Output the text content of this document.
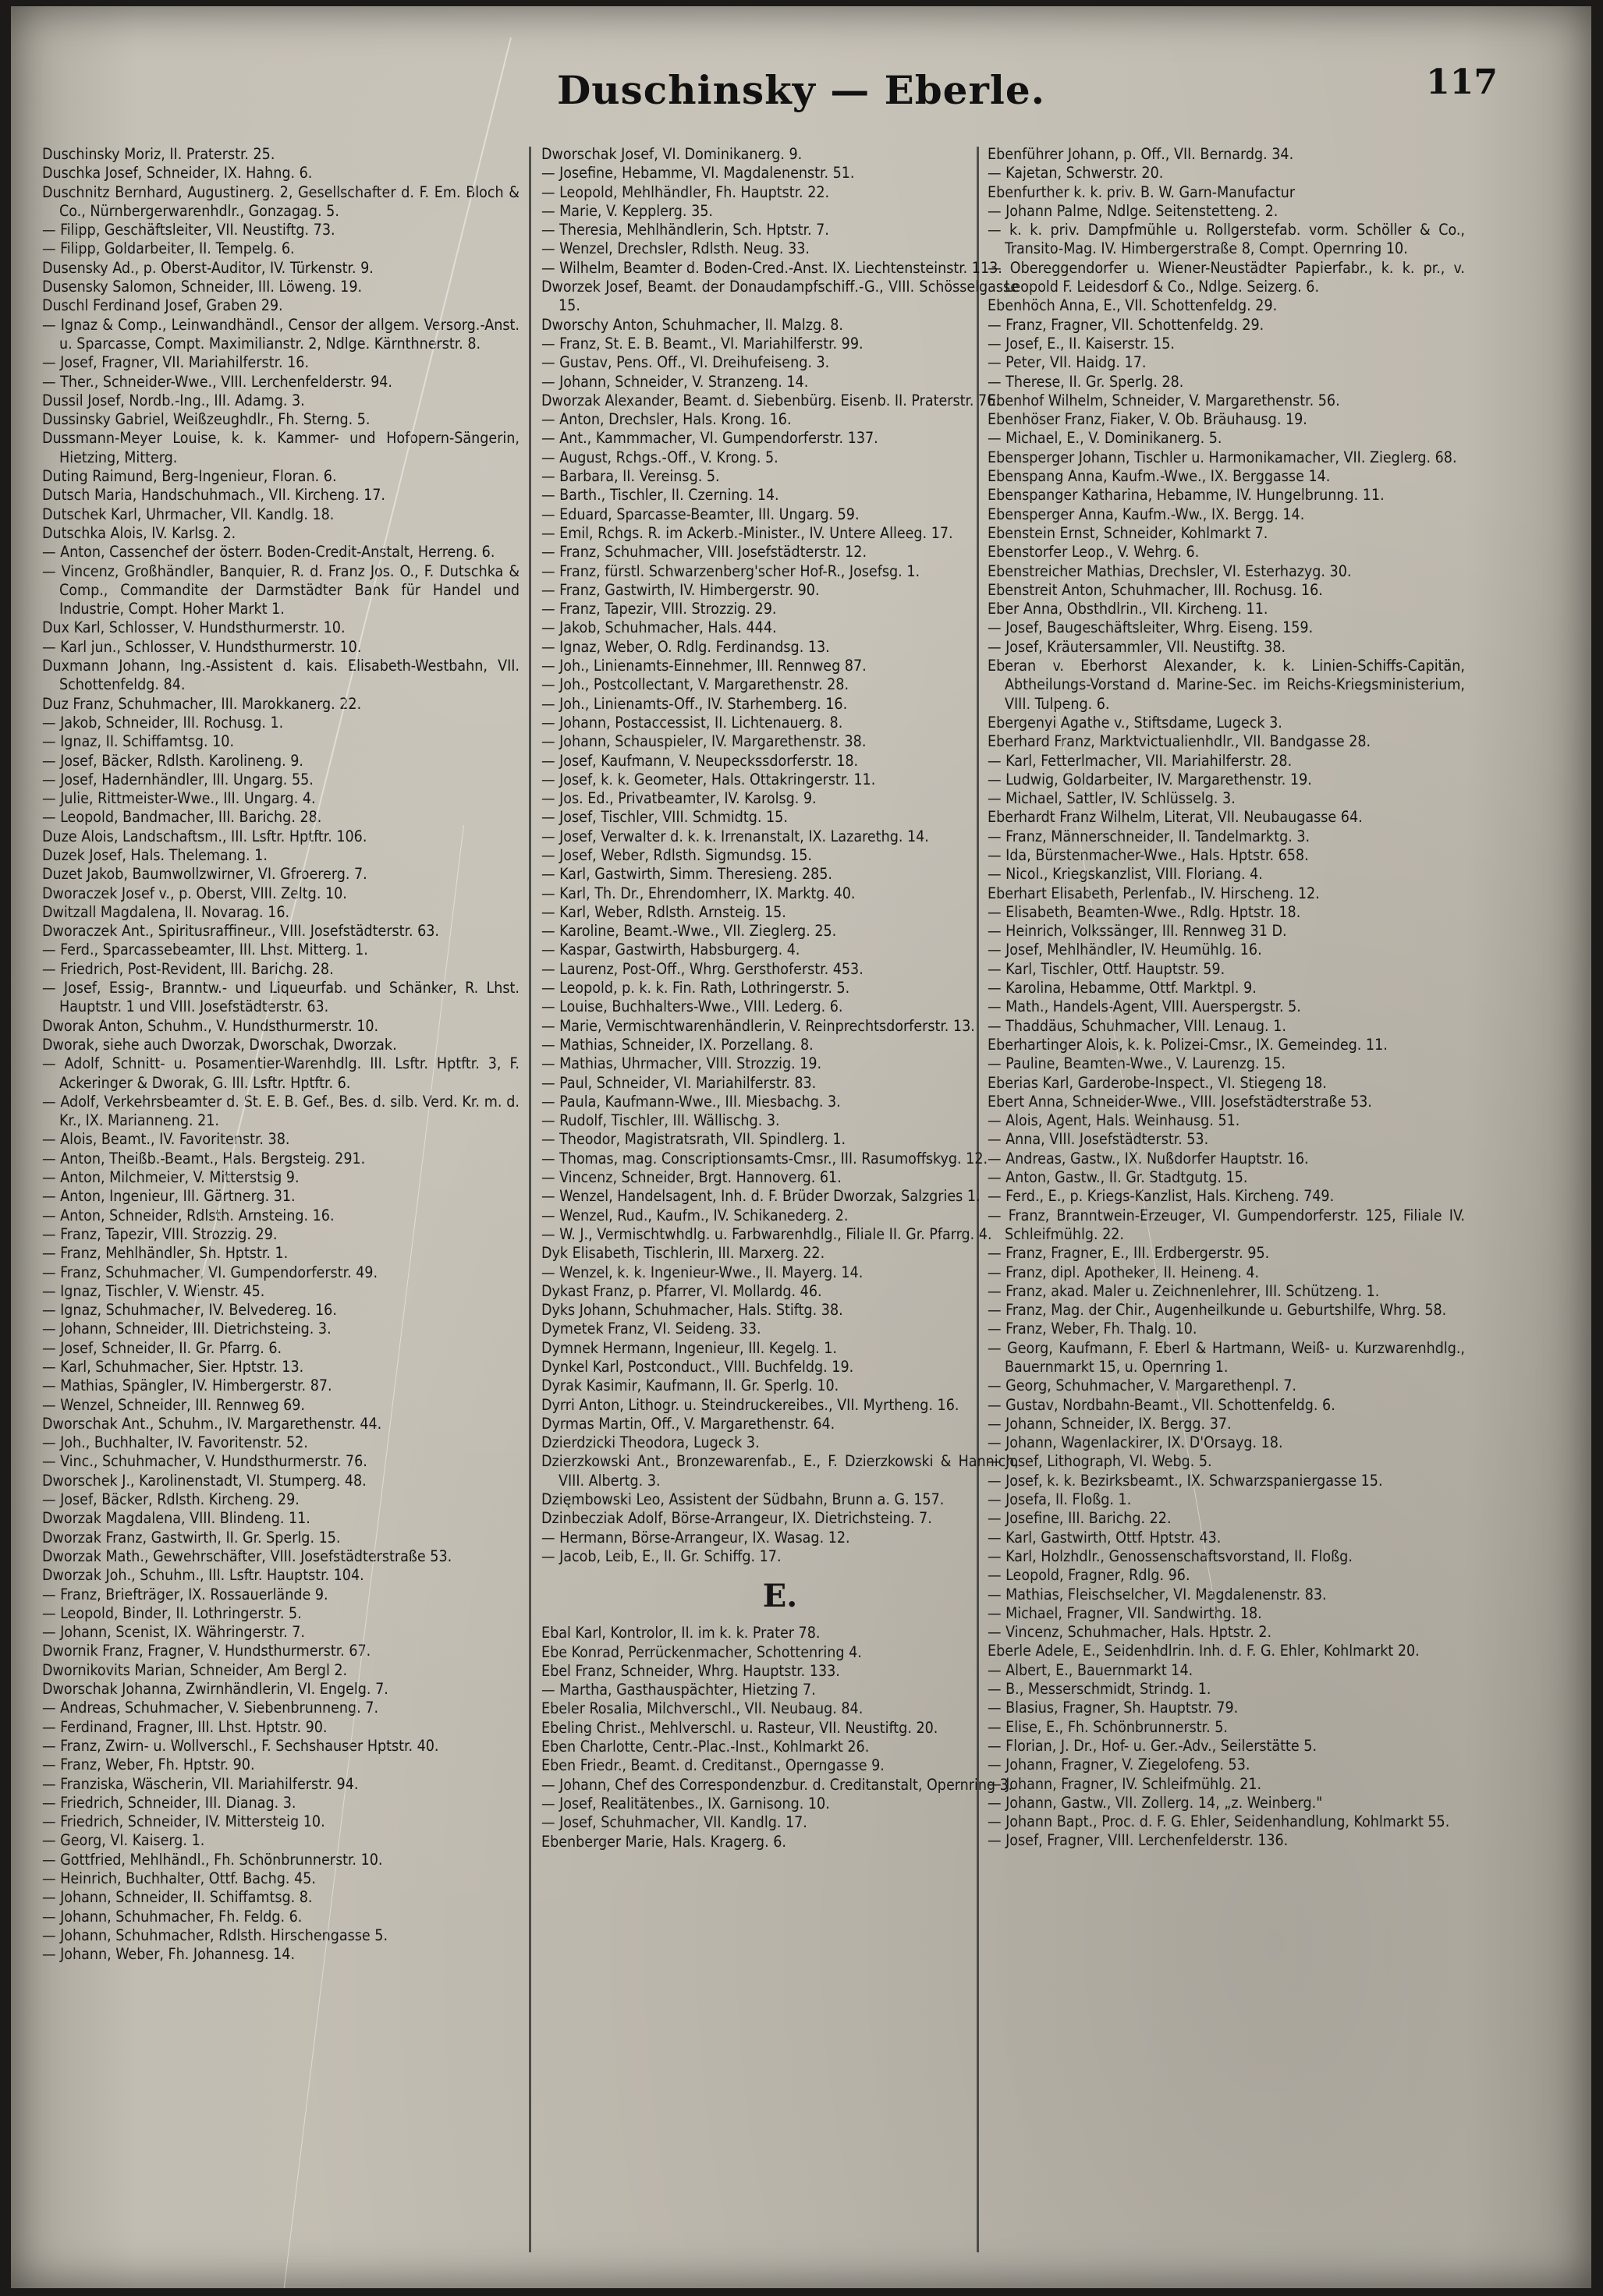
Duschinsky — Eberle.	117
Duschinsky Moriz, II. Praterstr. 25.
Duschka Josef, Schneider, IX. Hahng. 6.
Duschnitz Bernhard, Augustinerg. 2, Gesellschafter d. F. Em. Bloch & Co., Nürnbergerwarenhdlr., Gonzagag. 5.
— Filipp, Geschäftsleiter, VII. Neustiftg. 73.
— Filipp, Goldarbeiter, II. Tempelg. 6.
Dusensky Ad., p. Oberst-Auditor, IV. Türkenstr. 9.
Dusensky Salomon, Schneider, III. Löweng. 19.
Duschl Ferdinand Josef, Graben 29.
— Ignaz & Comp., Leinwandhändl., Censor der allgem. Versorg.-Anst. u. Sparcasse, Compt. Maximilianstr. 2, Ndlge. Kärnthnerstr. 8.
— Josef, Fragner, VII. Mariahilferstr. 16.
— Ther., Schneider-Wwe., VIII. Lerchenfelderstr. 94.
Dussil Josef, Nordb.-Ing., III. Adamg. 3.
Dussinsky Gabriel, Weißzeughdlr., Fh. Sterng. 5.
Dussmann-Meyer Louise, k. k. Kammer- und Hofopern-Sängerin, Hietzing, Mitterg.
Duting Raimund, Berg-Ingenieur, Floran. 6.
Dutsch Maria, Handschuhmach., VII. Kircheng. 17.
Dutschek Karl, Uhrmacher, VII. Kandlg. 18.
Dutschka Alois, IV. Karlsg. 2.
— Anton, Cassenchef der österr. Boden-Credit-Anstalt, Herreng. 6.
— Vincenz, Großhändler, Banquier, R. d. Franz Jos. O., F. Dutschka & Comp., Commandite der Darmstädter Bank für Handel und Industrie, Compt. Hoher Markt 1.
Dux Karl, Schlosser, V. Hundsthurmerstr. 10.
— Karl jun., Schlosser, V. Hundsthurmerstr. 10.
Duxmann Johann, Ing.-Assistent d. kais. Elisabeth-Westbahn, VII. Schottenfeldg. 84.
Duz Franz, Schuhmacher, III. Marokkanerg. 22.
— Jakob, Schneider, III. Rochusg. 1.
— Ignaz, II. Schiffamtsg. 10.
— Josef, Bäcker, Rdlsth. Karolineng. 9.
— Josef, Hadernhändler, III. Ungarg. 55.
— Julie, Rittmeister-Wwe., III. Ungarg. 4.
— Leopold, Bandmacher, III. Barichg. 28.
Duze Alois, Landschaftsm., III. Lsftr. Hptftr. 106.
Duzek Josef, Hals. Thelemang. 1.
Duzet Jakob, Baumwollzwirner, VI. Gfroererg. 7.
Dworaczek Josef v., p. Oberst, VIII. Zeltg. 10.
Dwitzall Magdalena, II. Novarag. 16.
Dworaczek Ant., Spiritusraffineur., VIII. Josefstädterstr. 63.
— Ferd., Sparcassebeamter, III. Lhst. Mitterg. 1.
— Friedrich, Post-Revident, III. Barichg. 28.
— Josef, Essig-, Branntw.- und Liqueurfab. und Schänker, R. Lhst. Hauptstr. 1 und VIII. Josefstädterstr. 63.
Dworak Anton, Schuhm., V. Hundsthurmerstr. 10.
Dworak, siehe auch Dworzak, Dworschak, Dworzak.
— Adolf, Schnitt- u. Posamentier-Warenhdlg. III. Lsftr. Hptftr. 3, F. Ackeringer & Dworak, G. III. Lsftr. Hptftr. 6.
— Adolf, Verkehrsbeamter d. St. E. B. Gef., Bes. d. silb. Verd. Kr. m. d. Kr., IX. Marianneng. 21.
— Alois, Beamt., IV. Favoritenstr. 38.
— Anton, Theißb.-Beamt., Hals. Bergsteig. 291.
— Anton, Milchmeier, V. Mitterstsig 9.
— Anton, Ingenieur, III. Gärtnerg. 31.
— Anton, Schneider, Rdlsth. Arnsteing. 16.
— Franz, Tapezir, VIII. Strozzig. 29.
— Franz, Mehlhändler, Sh. Hptstr. 1.
— Franz, Schuhmacher, VI. Gumpendorferstr. 49.
— Ignaz, Tischler, V. Wienstr. 45.
— Ignaz, Schuhmacher, IV. Belvedereg. 16.
— Johann, Schneider, III. Dietrichsteing. 3.
— Josef, Schneider, II. Gr. Pfarrg. 6.
— Karl, Schuhmacher, Sier. Hptstr. 13.
— Mathias, Spängler, IV. Himbergerstr. 87.
— Wenzel, Schneider, III. Rennweg 69.
Dworschak Ant., Schuhm., IV. Margarethenstr. 44.
— Joh., Buchhalter, IV. Favoritenstr. 52.
— Vinc., Schuhmacher, V. Hundsthurmerstr. 76.
Dworschek J., Karolinenstadt, VI. Stumperg. 48.
— Josef, Bäcker, Rdlsth. Kircheng. 29.
Dworzak Magdalena, VIII. Blindeng. 11.
Dworzak Franz, Gastwirth, II. Gr. Sperlg. 15.
Dworzak Math., Gewehrschäfter, VIII. Josefstädterstraße 53.
Dworzak Joh., Schuhm., III. Lsftr. Hauptstr. 104.
— Franz, Briefträger, IX. Rossauerlände 9.
— Leopold, Binder, II. Lothringerstr. 5.
— Johann, Scenist, IX. Währingerstr. 7.
Dwornik Franz, Fragner, V. Hundsthurmerstr. 67.
Dwornikovits Marian, Schneider, Am Bergl 2.
Dworschak Johanna, Zwirnhändlerin, VI. Engelg. 7.
— Andreas, Schuhmacher, V. Siebenbrunneng. 7.
— Ferdinand, Fragner, III. Lhst. Hptstr. 90.
— Franz, Zwirn- u. Wollverschl., F. Sechshauser Hptstr. 40.
— Franz, Weber, Fh. Hptstr. 90.
— Franziska, Wäscherin, VII. Mariahilferstr. 94.
— Friedrich, Schneider, III. Dianag. 3.
— Friedrich, Schneider, IV. Mittersteig 10.
— Georg, VI. Kaiserg. 1.
— Gottfried, Mehlhändl., Fh. Schönbrunnerstr. 10.
— Heinrich, Buchhalter, Ottf. Bachg. 45.
— Johann, Schneider, II. Schiffamtsg. 8.
— Johann, Schuhmacher, Fh. Feldg. 6.
— Johann, Schuhmacher, Rdlsth. Hirschengasse 5.
— Johann, Weber, Fh. Johannesg. 14.
Dworschak Josef, VI. Dominikanerg. 9.
— Josefine, Hebamme, VI. Magdalenenstr. 51.
— Leopold, Mehlhändler, Fh. Hauptstr. 22.
— Marie, V. Kepplerg. 35.
— Theresia, Mehlhändlerin, Sch. Hptstr. 7.
— Wenzel, Drechsler, Rdlsth. Neug. 33.
— Wilhelm, Beamter d. Boden-Cred.-Anst. IX. Liechtensteinstr. 113.
Dworzek Josef, Beamt. der Donaudampfschiff.-G., VIII. Schösselgasse 15.
Dworschy Anton, Schuhmacher, II. Malzg. 8.
— Franz, St. E. B. Beamt., VI. Mariahilferstr. 99.
— Gustav, Pens. Off., VI. Dreihufeiseng. 3.
— Johann, Schneider, V. Stranzeng. 14.
Dworzak Alexander, Beamt. d. Siebenbürg. Eisenb. II. Praterstr. 76.
— Anton, Drechsler, Hals. Krong. 16.
— Ant., Kammmacher, VI. Gumpendorferstr. 137.
— August, Rchgs.-Off., V. Krong. 5.
— Barbara, II. Vereinsg. 5.
— Barth., Tischler, II. Czerning. 14.
— Eduard, Sparcasse-Beamter, III. Ungarg. 59.
— Emil, Rchgs. R. im Ackerb.-Minister., IV. Untere Alleeg. 17.
— Franz, Schuhmacher, VIII. Josefstädterstr. 12.
— Franz, fürstl. Schwarzenberg'scher Hof-R., Josefsg. 1.
— Franz, Gastwirth, IV. Himbergerstr. 90.
— Franz, Tapezir, VIII. Strozzig. 29.
— Jakob, Schuhmacher, Hals. 444.
— Ignaz, Weber, O. Rdlg. Ferdinandsg. 13.
— Joh., Linienamts-Einnehmer, III. Rennweg 87.
— Joh., Postcollectant, V. Margarethenstr. 28.
— Joh., Linienamts-Off., IV. Starhemberg. 16.
— Johann, Postaccessist, II. Lichtenauerg. 8.
— Johann, Schauspieler, IV. Margarethenstr. 38.
— Josef, Kaufmann, V. Neupeckssdorferstr. 18.
— Josef, k. k. Geometer, Hals. Ottakringerstr. 11.
— Jos. Ed., Privatbeamter, IV. Karolsg. 9.
— Josef, Tischler, VIII. Schmidtg. 15.
— Josef, Verwalter d. k. k. Irrenanstalt, IX. Lazarethg. 14.
— Josef, Weber, Rdlsth. Sigmundsg. 15.
— Karl, Gastwirth, Simm. Theresieng. 285.
— Karl, Th. Dr., Ehrendomherr, IX. Marktg. 40.
— Karl, Weber, Rdlsth. Arnsteig. 15.
— Karoline, Beamt.-Wwe., VII. Zieglerg. 25.
— Kaspar, Gastwirth, Habsburgerg. 4.
— Laurenz, Post-Off., Whrg. Gersthoferstr. 453.
— Leopold, p. k. k. Fin. Rath, Lothringerstr. 5.
— Louise, Buchhalters-Wwe., VIII. Lederg. 6.
— Marie, Vermischtwarenhändlerin, V. Reinprechtsdorferstr. 13.
— Mathias, Schneider, IX. Porzellang. 8.
— Mathias, Uhrmacher, VIII. Strozzig. 19.
— Paul, Schneider, VI. Mariahilferstr. 83.
— Paula, Kaufmann-Wwe., III. Miesbachg. 3.
— Rudolf, Tischler, III. Wällischg. 3.
— Theodor, Magistratsrath, VII. Spindlerg. 1.
— Thomas, mag. Conscriptionsamts-Cmsr., III. Rasumoffskyg. 12.
— Vincenz, Schneider, Brgt. Hannoverg. 61.
— Wenzel, Handelsagent, Inh. d. F. Brüder Dworzak, Salzgries 1.
— Wenzel, Rud., Kaufm., IV. Schikanederg. 2.
— W. J., Vermischtwhdlg. u. Farbwarenhdlg., Filiale II. Gr. Pfarrg. 4.
Dyk Elisabeth, Tischlerin, III. Marxerg. 22.
— Wenzel, k. k. Ingenieur-Wwe., II. Mayerg. 14.
Dykast Franz, p. Pfarrer, VI. Mollardg. 46.
Dyks Johann, Schuhmacher, Hals. Stiftg. 38.
Dymetek Franz, VI. Seideng. 33.
Dymnek Hermann, Ingenieur, III. Kegelg. 1.
Dynkel Karl, Postconduct., VIII. Buchfeldg. 19.
Dyrak Kasimir, Kaufmann, II. Gr. Sperlg. 10.
Dyrri Anton, Lithogr. u. Steindruckereibes., VII. Myrtheng. 16.
Dyrmas Martin, Off., V. Margarethenstr. 64.
Dzierdzicki Theodora, Lugeck 3.
Dzierzkowski Ant., Bronzewarenfab., E., F. Dzierzkowski & Hannich, VIII. Albertg. 3.
Dzięmbowski Leo, Assistent der Südbahn, Brunn a. G. 157.
Dzinbecziak Adolf, Börse-Arrangeur, IX. Dietrichsteing. 7.
— Hermann, Börse-Arrangeur, IX. Wasag. 12.
— Jacob, Leib, E., II. Gr. Schiffg. 17.
E.
Ebal Karl, Kontrolor, II. im k. k. Prater 78.
Ebe Konrad, Perrückenmacher, Schottenring 4.
Ebel Franz, Schneider, Whrg. Hauptstr. 133.
— Martha, Gasthauspächter, Hietzing 7.
Ebeler Rosalia, Milchverschl., VII. Neubaug. 84.
Ebeling Christ., Mehlverschl. u. Rasteur, VII. Neustiftg. 20.
Eben Charlotte, Centr.-Plac.-Inst., Kohlmarkt 26.
Eben Friedr., Beamt. d. Creditanst., Operngasse 9.
— Johann, Chef des Correspondenzbur. d. Creditanstalt, Opernring 3.
— Josef, Realitätenbes., IX. Garnisong. 10.
— Josef, Schuhmacher, VII. Kandlg. 17.
Ebenberger Marie, Hals. Kragerg. 6.
Ebenführer Johann, p. Off., VII. Bernardg. 34.
— Kajetan, Schwerstr. 20.
Ebenfurther k. k. priv. B. W. Garn-Manufactur
— Johann Palme, Ndlge. Seitenstetteng. 2.
— k. k. priv. Dampfmühle u. Rollgerstefab. vorm. Schöller & Co., Transito-Mag. IV. Himbergerstraße 8, Compt. Opernring 10.
— Obereggendorfer u. Wiener-Neustädter Papierfabr., k. k. pr., v. Leopold F. Leidesdorf & Co., Ndlge. Seizerg. 6.
Ebenhöch Anna, E., VII. Schottenfeldg. 29.
— Franz, Fragner, VII. Schottenfeldg. 29.
— Josef, E., II. Kaiserstr. 15.
— Peter, VII. Haidg. 17.
— Therese, II. Gr. Sperlg. 28.
Ebenhof Wilhelm, Schneider, V. Margarethenstr. 56.
Ebenhöser Franz, Fiaker, V. Ob. Bräuhausg. 19.
— Michael, E., V. Dominikanerg. 5.
Ebensperger Johann, Tischler u. Harmonikamacher, VII. Zieglerg. 68.
Ebenspang Anna, Kaufm.-Wwe., IX. Berggasse 14.
Ebenspanger Katharina, Hebamme, IV. Hungelbrunng. 11.
Ebensperger Anna, Kaufm.-Ww., IX. Bergg. 14.
Ebenstein Ernst, Schneider, Kohlmarkt 7.
Ebenstorfer Leop., V. Wehrg. 6.
Ebenstreicher Mathias, Drechsler, VI. Esterhazyg. 30.
Ebenstreit Anton, Schuhmacher, III. Rochusg. 16.
Eber Anna, Obsthdlrin., VII. Kircheng. 11.
— Josef, Baugeschäftsleiter, Whrg. Eiseng. 159.
— Josef, Kräutersammler, VII. Neustiftg. 38.
Eberan v. Eberhorst Alexander, k. k. Linien-Schiffs-Capitän, Abtheilungs-Vorstand d. Marine-Sec. im Reichs-Kriegsministerium, VIII. Tulpeng. 6.
Ebergenyi Agathe v., Stiftsdame, Lugeck 3.
Eberhard Franz, Marktvictualienhdlr., VII. Bandgasse 28.
— Karl, Fetterlmacher, VII. Mariahilferstr. 28.
— Ludwig, Goldarbeiter, IV. Margarethenstr. 19.
— Michael, Sattler, IV. Schlüsselg. 3.
Eberhardt Franz Wilhelm, Literat, VII. Neubaugasse 64.
— Franz, Männerschneider, II. Tandelmarktg. 3.
— Ida, Bürstenmacher-Wwe., Hals. Hptstr. 658.
— Nicol., Kriegskanzlist, VIII. Floriang. 4.
Eberhart Elisabeth, Perlenfab., IV. Hirscheng. 12.
— Elisabeth, Beamten-Wwe., Rdlg. Hptstr. 18.
— Heinrich, Volkssänger, III. Rennweg 31 D.
— Josef, Mehlhändler, IV. Heumühlg. 16.
— Karl, Tischler, Ottf. Hauptstr. 59.
— Karolina, Hebamme, Ottf. Marktpl. 9.
— Math., Handels-Agent, VIII. Auerspergstr. 5.
— Thaddäus, Schuhmacher, VIII. Lenaug. 1.
Eberhartinger Alois, k. k. Polizei-Cmsr., IX. Gemeindeg. 11.
— Pauline, Beamten-Wwe., V. Laurenzg. 15.
Eberias Karl, Garderobe-Inspect., VI. Stiegeng 18.
Ebert Anna, Schneider-Wwe., VIII. Josefstädterstraße 53.
— Alois, Agent, Hals. Weinhausg. 51.
— Anna, VIII. Josefstädterstr. 53.
— Andreas, Gastw., IX. Nußdorfer Hauptstr. 16.
— Anton, Gastw., II. Gr. Stadtgutg. 15.
— Ferd., E., p. Kriegs-Kanzlist, Hals. Kircheng. 749.
— Franz, Branntwein-Erzeuger, VI. Gumpendorferstr. 125, Filiale IV. Schleifmühlg. 22.
— Franz, Fragner, E., III. Erdbergerstr. 95.
— Franz, dipl. Apotheker, II. Heineng. 4.
— Franz, akad. Maler u. Zeichnenlehrer, III. Schützeng. 1.
— Franz, Mag. der Chir., Augenheilkunde u. Geburtshilfe, Whrg. 58.
— Franz, Weber, Fh. Thalg. 10.
— Georg, Kaufmann, F. Eberl & Hartmann, Weiß- u. Kurzwarenhdlg., Bauernmarkt 15, u. Opernring 1.
— Georg, Schuhmacher, V. Margarethenpl. 7.
— Gustav, Nordbahn-Beamt., VII. Schottenfeldg. 6.
— Johann, Schneider, IX. Bergg. 37.
— Johann, Wagenlackirer, IX. D'Orsayg. 18.
— Josef, Lithograph, VI. Webg. 5.
— Josef, k. k. Bezirksbeamt., IX. Schwarzspaniergasse 15.
— Josefa, II. Floßg. 1.
— Josefine, III. Barichg. 22.
— Karl, Gastwirth, Ottf. Hptstr. 43.
— Karl, Holzhdlr., Genossenschaftsvorstand, II. Floßg.
— Leopold, Fragner, Rdlg. 96.
— Mathias, Fleischselcher, VI. Magdalenenstr. 83.
— Michael, Fragner, VII. Sandwirthg. 18.
— Vincenz, Schuhmacher, Hals. Hptstr. 2.
Eberle Adele, E., Seidenhdlrin. Inh. d. F. G. Ehler, Kohlmarkt 20.
— Albert, E., Bauernmarkt 14.
— B., Messerschmidt, Strindg. 1.
— Blasius, Fragner, Sh. Hauptstr. 79.
— Elise, E., Fh. Schönbrunnerstr. 5.
— Florian, J. Dr., Hof- u. Ger.-Adv., Seilerstätte 5.
— Johann, Fragner, V. Ziegelofeng. 53.
— Johann, Fragner, IV. Schleifmühlg. 21.
— Johann, Gastw., VII. Zollerg. 14, „z. Weinberg."
— Johann Bapt., Proc. d. F. G. Ehler, Seidenhandlung, Kohlmarkt 55.
— Josef, Fragner, VIII. Lerchenfelderstr. 136.
